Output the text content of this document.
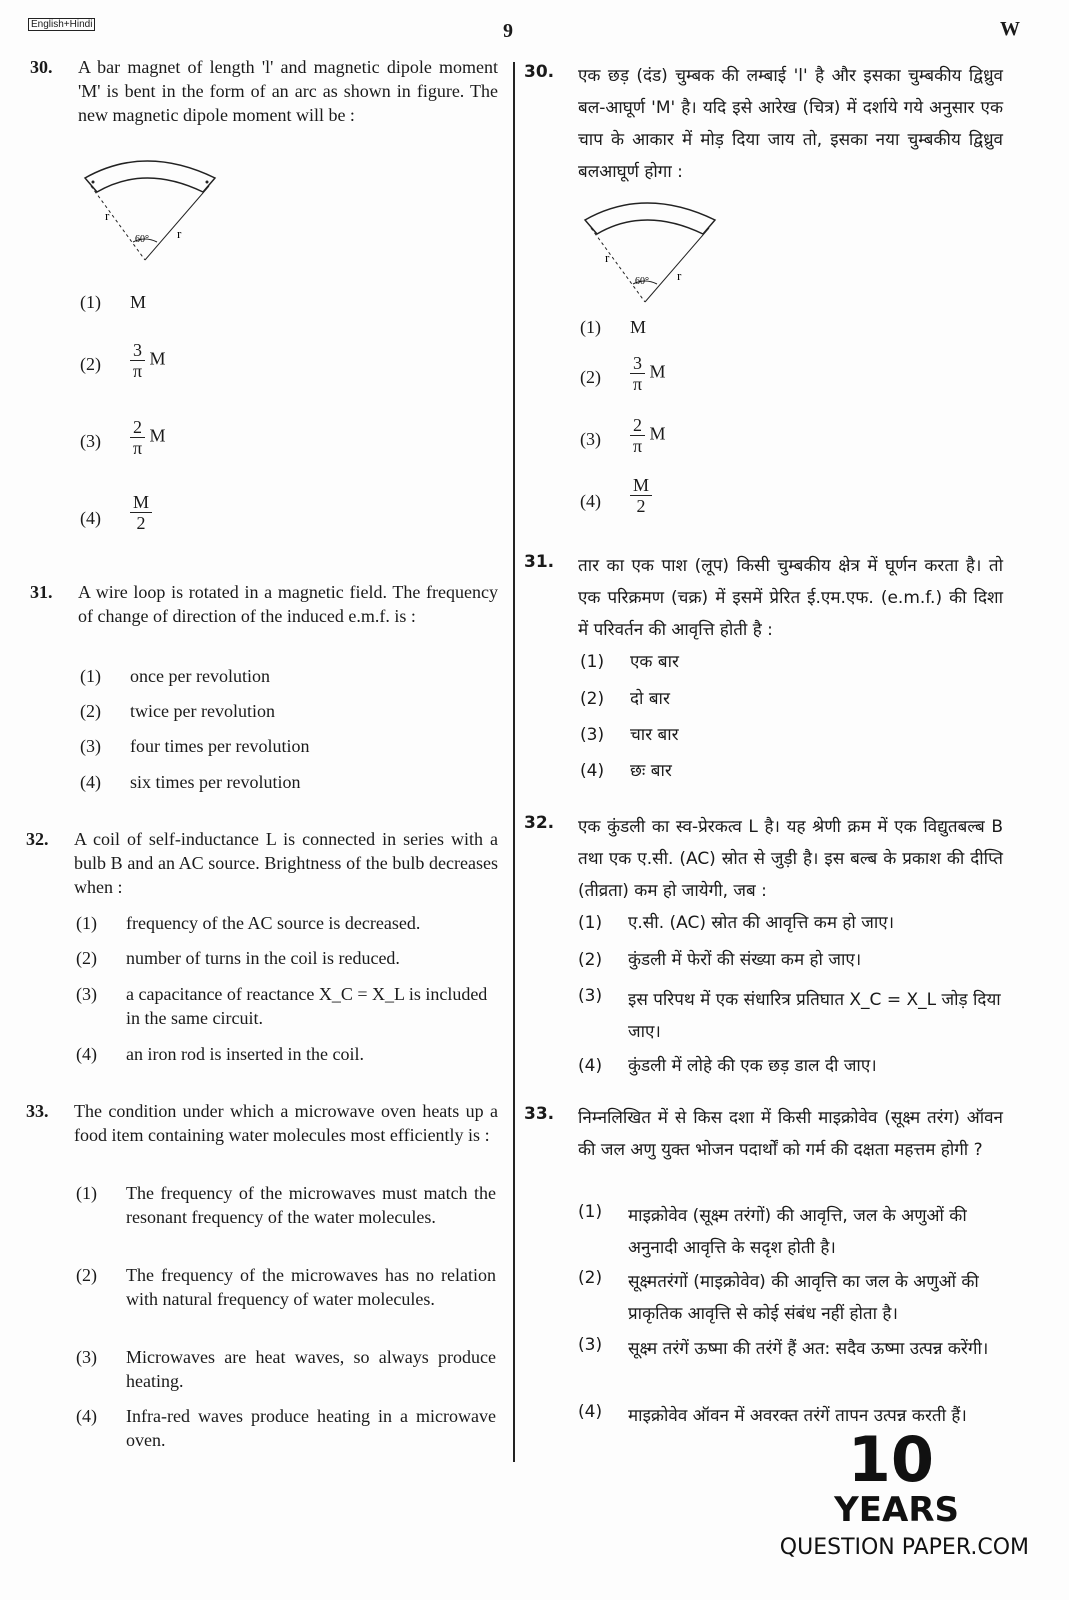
English+Hindi	9	W
30. A bar magnet of length 'l' and magnetic dipole moment 'M' is bent in the form of an arc as shown in figure. The new magnetic dipole moment will be :
r
r
60°
(1) M
$(2) \frac{3}{\pi}$ M
$(3) \frac{2}{\pi}$ M
$(4) \frac{M}{2}$
31. A wire loop is rotated in a magnetic field. The frequency of change of direction of the induced e.m.f. is :
(1) once per revolution
(2) twice per revolution
(3) four times per revolution
(4) six times per revolution
32. A coil of self-inductance L is connected in series with a bulb B and an AC source. Brightness of the bulb decreases when :
(1) frequency of the AC source is decreased.
(2) number of turns in the coil is reduced.
(3) a capacitance of reactance X_C = X_L is included in the same circuit.
(4) an iron rod is inserted in the coil.
33. The condition under which a microwave oven heats up a food item containing water molecules most efficiently is :
(1) The frequency of the microwaves must match the resonant frequency of the water molecules.
(2) The frequency of the microwaves has no relation with natural frequency of water molecules.
(3) Microwaves are heat waves, so always produce heating.
(4) Infra-red waves produce heating in a microwave oven.
30. एक छड़ (दंड) चुम्बक की लम्बाई 'l' है और इसका चुम्बकीय द्विध्रुव बल-आघूर्ण 'M' है। यदि इसे आरेख (चित्र) में दर्शाये गये अनुसार एक चाप के आकार में मोड़ दिया जाय तो, इसका नया चुम्बकीय द्विध्रुव बलआघूर्ण होगा :
r
r
60°
(1) M
$(2) \frac{3}{\pi}$ M
$(3) \frac{2}{\pi}$ M
$(4) \frac{M}{2}$
31. तार का एक पाश (लूप) किसी चुम्बकीय क्षेत्र में घूर्णन करता है। तो एक परिक्रमण (चक्र) में इसमें प्रेरित ई.एम.एफ. (e.m.f.) की दिशा में परिवर्तन की आवृत्ति होती है :
(1) एक बार
(2) दो बार
(3) चार बार
(4) छः बार
32. एक कुंडली का स्व-प्रेरकत्व L है। यह श्रेणी क्रम में एक विद्युतबल्ब B तथा एक ए.सी. (AC) स्रोत से जुड़ी है। इस बल्ब के प्रकाश की दीप्ति (तीव्रता) कम हो जायेगी, जब :
(1) ए.सी. (AC) स्रोत की आवृत्ति कम हो जाए।
(2) कुंडली में फेरों की संख्या कम हो जाए।
(3) इस परिपथ में एक संधारित्र प्रतिघात X_C = X_L जोड़ दिया जाए।
(4) कुंडली में लोहे की एक छड़ डाल दी जाए।
33. निम्नलिखित में से किस दशा में किसी माइक्रोवेव (सूक्ष्म तरंग) ऑवन की जल अणु युक्त भोजन पदार्थों को गर्म की दक्षता महत्तम होगी ?
(1) माइक्रोवेव (सूक्ष्म तरंगों) की आवृत्ति, जल के अणुओं की अनुनादी आवृत्ति के सदृश होती है।
(2) सूक्ष्मतरंगों (माइक्रोवेव) की आवृत्ति का जल के अणुओं की प्राकृतिक आवृत्ति से कोई संबंध नहीं होता है।
(3) सूक्ष्म तरंगें ऊष्मा की तरंगें हैं अत: सदैव ऊष्मा उत्पन्न करेंगी।
(4) माइक्रोवेव ऑवन में अवरक्त तरंगें तापन उत्पन्न करती हैं।
10
YEARS
QUESTION PAPER.COM
